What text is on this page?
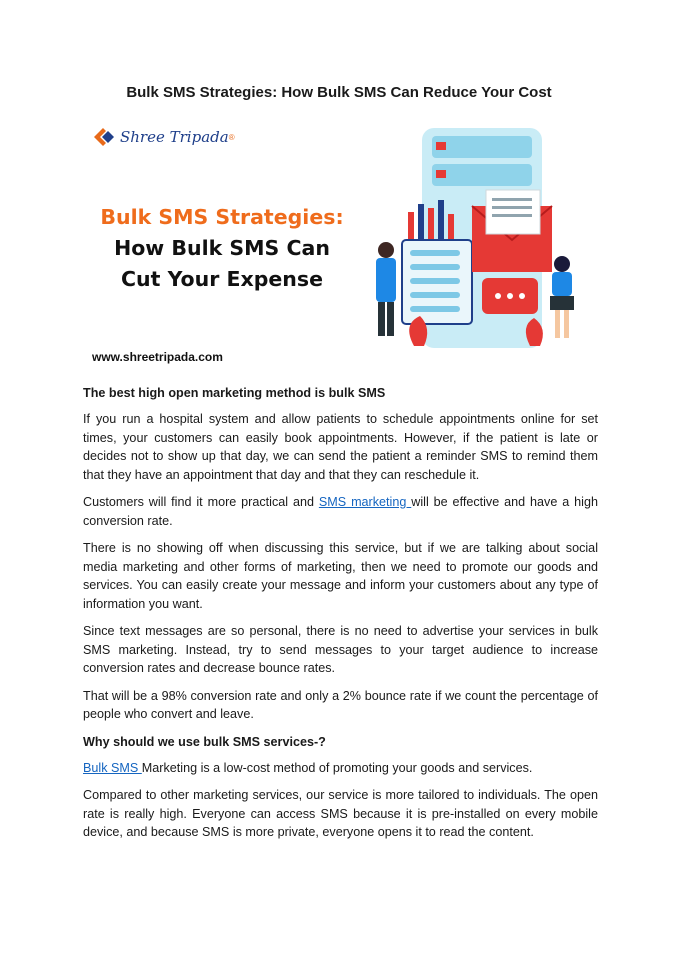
Bulk SMS Strategies: How Bulk SMS Can Reduce Your Cost
Shree Tripada ®
Bulk SMS Strategies:
How Bulk SMS Can
Cut Your Expense
www.shreetripada.com
The best high open marketing method is bulk SMS

If you run a hospital system and allow patients to schedule appointments online for set times, your customers can easily book appointments. However, if the patient is late or decides not to show up that day, we can send the patient a reminder SMS to remind them that they have an appointment that day and that they can reschedule it.

Customers will find it more practical and SMS marketing will be effective and have a high conversion rate.

There is no showing off when discussing this service, but if we are talking about social media marketing and other forms of marketing, then we need to promote our goods and services. You can easily create your message and inform your customers about any type of information you want.

Since text messages are so personal, there is no need to advertise your services in bulk SMS marketing. Instead, try to send messages to your target audience to increase conversion rates and decrease bounce rates.

That will be a 98% conversion rate and only a 2% bounce rate if we count the percentage of people who convert and leave.

Why should we use bulk SMS services-?

Bulk SMS Marketing is a low-cost method of promoting your goods and services.

Compared to other marketing services, our service is more tailored to individuals. The open rate is really high. Everyone can access SMS because it is pre-installed on every mobile device, and because SMS is more private, everyone opens it to read the content.
